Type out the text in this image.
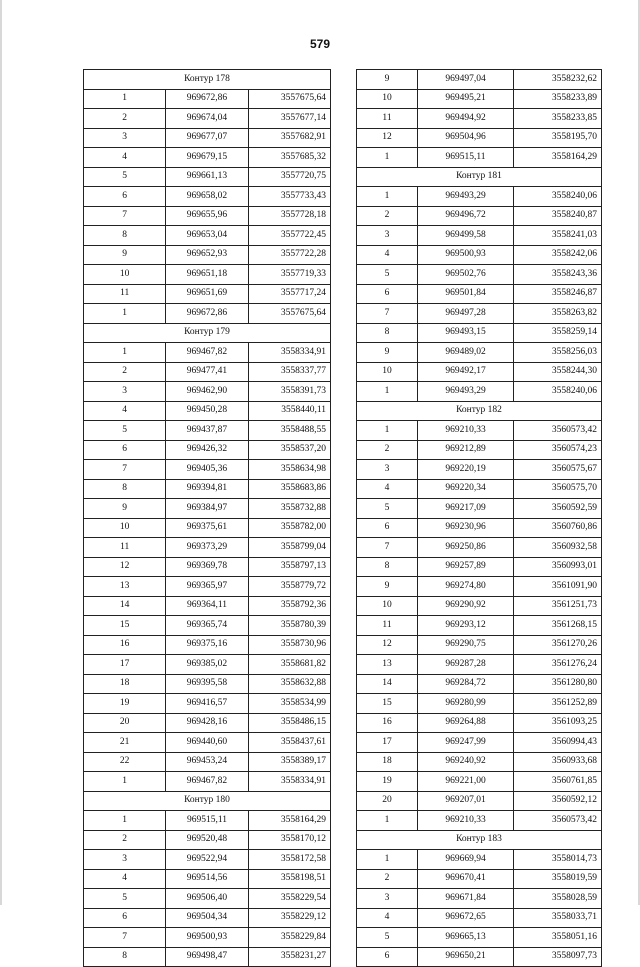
579
Контур 178		
1	969672,86	3557675,64
2	969674,04	3557677,14
3	969677,07	3557682,91
4	969679,15	3557685,32
5	969661,13	3557720,75
6	969658,02	3557733,43
7	969655,96	3557728,18
8	969653,04	3557722,45
9	969652,93	3557722,28
10	969651,18	3557719,33
11	969651,69	3557717,24
1	969672,86	3557675,64
Контур 179		
1	969467,82	3558334,91
2	969477,41	3558337,77
3	969462,90	3558391,73
4	969450,28	3558440,11
5	969437,87	3558488,55
6	969426,32	3558537,20
7	969405,36	3558634,98
8	969394,81	3558683,86
9	969384,97	3558732,88
10	969375,61	3558782,00
11	969373,29	3558799,04
12	969369,78	3558797,13
13	969365,97	3558779,72
14	969364,11	3558792,36
15	969365,74	3558780,39
16	969375,16	3558730,96
17	969385,02	3558681,82
18	969395,58	3558632,88
19	969416,57	3558534,99
20	969428,16	3558486,15
21	969440,60	3558437,61
22	969453,24	3558389,17
1	969467,82	3558334,91
Контур 180		
1	969515,11	3558164,29
2	969520,48	3558170,12
3	969522,94	3558172,58
4	969514,56	3558198,51
5	969506,40	3558229,54
6	969504,34	3558229,12
7	969500,93	3558229,84
8	969498,47	3558231,27
9	969497,04	3558232,62
10	969495,21	3558233,89
11	969494,92	3558233,85
12	969504,96	3558195,70
1	969515,11	3558164,29
Контур 181		
1	969493,29	3558240,06
2	969496,72	3558240,87
3	969499,58	3558241,03
4	969500,93	3558242,06
5	969502,76	3558243,36
6	969501,84	3558246,87
7	969497,28	3558263,82
8	969493,15	3558259,14
9	969489,02	3558256,03
10	969492,17	3558244,30
1	969493,29	3558240,06
Контур 182		
1	969210,33	3560573,42
2	969212,89	3560574,23
3	969220,19	3560575,67
4	969220,34	3560575,70
5	969217,09	3560592,59
6	969230,96	3560760,86
7	969250,86	3560932,58
8	969257,89	3560993,01
9	969274,80	3561091,90
10	969290,92	3561251,73
11	969293,12	3561268,15
12	969290,75	3561270,26
13	969287,28	3561276,24
14	969284,72	3561280,80
15	969280,99	3561252,89
16	969264,88	3561093,25
17	969247,99	3560994,43
18	969240,92	3560933,68
19	969221,00	3560761,85
20	969207,01	3560592,12
1	969210,33	3560573,42
Контур 183		
1	969669,94	3558014,73
2	969670,41	3558019,59
3	969671,84	3558028,59
4	969672,65	3558033,71
5	969665,13	3558051,16
6	969650,21	3558097,73
